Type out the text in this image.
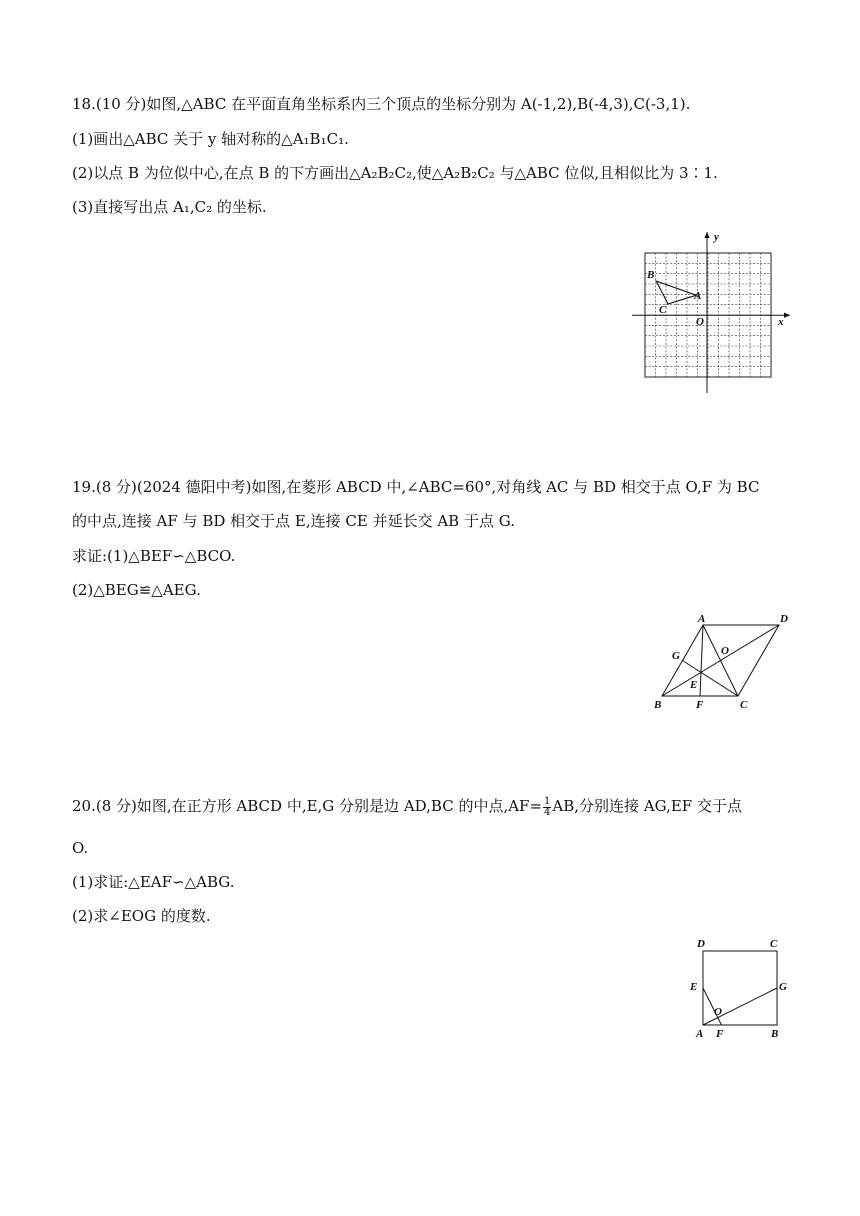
18.(10 分)如图,△ABC 在平面直角坐标系内三个顶点的坐标分别为 A(-1,2),B(-4,3),C(-3,1).
(1)画出△ABC 关于 y 轴对称的△A₁B₁C₁.
(2)以点 B 为位似中心,在点 B 的下方画出△A₂B₂C₂,使△A₂B₂C₂ 与△ABC 位似,且相似比为 3∶1.
(3)直接写出点 A₁,C₂ 的坐标.
x
y
O
A
B
C
19.(8 分)(2024 德阳中考)如图,在菱形 ABCD 中,∠ABC=60°,对角线 AC 与 BD 相交于点 O,F 为 BC
的中点,连接 AF 与 BD 相交于点 E,连接 CE 并延长交 AB 于点 G.
求证:(1)△BEF∽△BCO.
(2)△BEG≌△AEG.
A	D
B	F	C
G	O
E
20.(8 分)如图,在正方形 ABCD 中,E,G 分别是边 AD,BC 的中点$,AF= \frac{1}{4}$ AB,分别连接 AG,EF 交于点
O.
(1)求证:△EAF∽△ABG.
(2)求∠EOG 的度数.
D	C
E	G
O
A F	B
